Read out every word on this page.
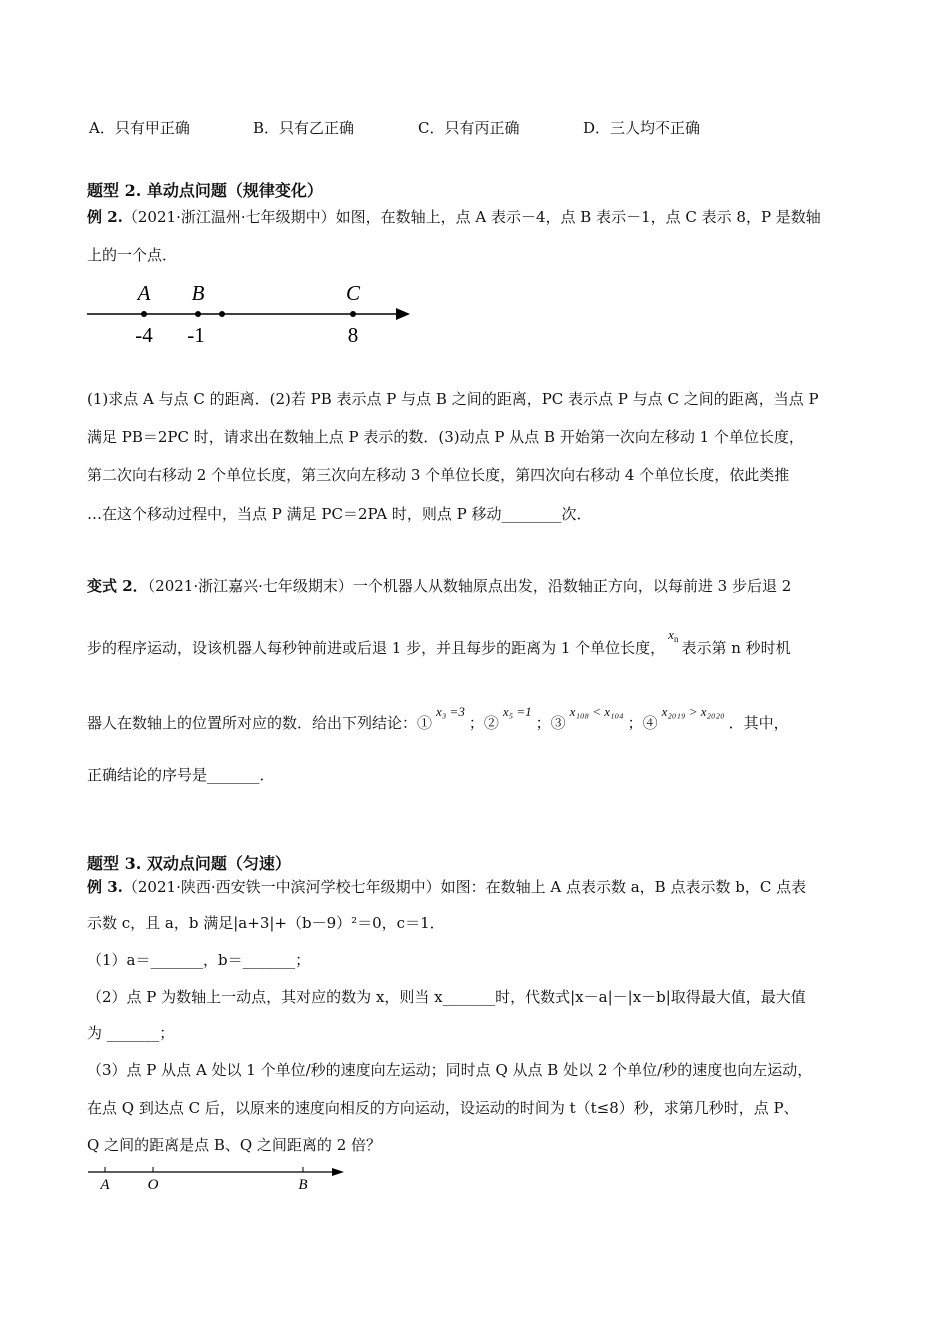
A．只有甲正确	B．只有乙正确	C．只有丙正确	D．三人均不正确
题型 2. 单动点问题（规律变化）
例 2.（2021·浙江温州·七年级期中）如图，在数轴上，点 A 表示－4，点 B 表示－1，点 C 表示 8，P 是数轴
上的一个点．
A B	C
-4 -1	8
(1)求点 A 与点 C 的距离．(2)若 PB 表示点 P 与点 B 之间的距离，PC 表示点 P 与点 C 之间的距离，当点 P
满足 PB＝2PC 时，请求出在数轴上点 P 表示的数．(3)动点 P 从点 B 开始第一次向左移动 1 个单位长度，
第二次向右移动 2 个单位长度，第三次向左移动 3 个单位长度，第四次向右移动 4 个单位长度，依此类推
…在这个移动过程中，当点 P 满足 PC＝2PA 时，则点 P 移动________次．
变式 2．（2021·浙江嘉兴·七年级期末）一个机器人从数轴原点出发，沿数轴正方向，以每前进 3 步后退 2
步的程序运动，设该机器人每秒钟前进或后退 1 步，并且每步的距离为 1 个单位长度，$x_n$ 表示第 n 秒时机
器人在数轴上的位置所对应的数．给出下列结论：①x₃ =3；②x₅ =1；③x₁₀₈ < x₁₀₄；④x₂₀₁₉ > x₂₀₂₀．其中，
正确结论的序号是_______．
题型 3. 双动点问题（匀速）
例 3.（2021·陕西·西安铁一中滨河学校七年级期中）如图：在数轴上 A 点表示数 a，B 点表示数 b，C 点表
示数 c，且 a，b 满足|a+3|+（b－9）²＝0，c＝1．
（1）a＝_______，b＝_______；
（2）点 P 为数轴上一动点，其对应的数为 x，则当 x_______时，代数式|x－a|－|x－b|取得最大值，最大值
为 _______；
（3）点 P 从点 A 处以 1 个单位/秒的速度向左运动；同时点 Q 从点 B 处以 2 个单位/秒的速度也向左运动，
在点 Q 到达点 C 后，以原来的速度向相反的方向运动，设运动的时间为 t（t≤8）秒，求第几秒时，点 P、
Q 之间的距离是点 B、Q 之间距离的 2 倍？
A	O	B
